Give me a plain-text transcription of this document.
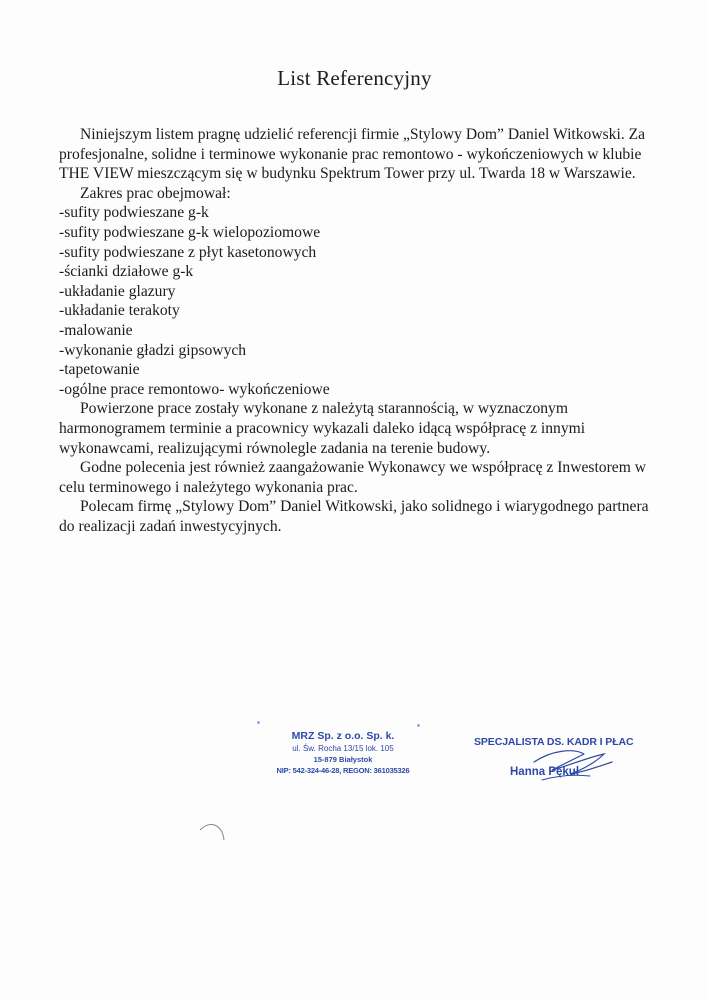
List Referencyjny

Niniejszym listem pragnę udzielić referencji firmie „Stylowy Dom” Daniel Witkowski. Za profesjonalne, solidne i terminowe wykonanie prac remontowo - wykończeniowych w klubie THE VIEW mieszczącym się w budynku Spektrum Tower przy ul. Twarda 18 w Warszawie.

Zakres prac obejmował:

-sufity podwieszane g-k

-sufity podwieszane g-k wielopoziomowe

-sufity podwieszane z płyt kasetonowych

-ścianki działowe g-k

-układanie glazury

-układanie terakoty

-malowanie

-wykonanie gładzi gipsowych

-tapetowanie

-ogólne prace remontowo- wykończeniowe

Powierzone prace zostały wykonane z należytą starannością, w wyznaczonym harmonogramem terminie a pracownicy wykazali daleko idącą współpracę z innymi wykonawcami, realizującymi równolegle zadania na terenie budowy.

Godne polecenia jest również zaangażowanie Wykonawcy we współpracę z Inwestorem w celu terminowego i należytego wykonania prac.

Polecam firmę „Stylowy Dom” Daniel Witkowski, jako solidnego i wiarygodnego partnera do realizacji zadań inwestycyjnych.

MRZ Sp. z o.o. Sp. k.
ul. Św. Rocha 13/15 lok. 105
15-879 Białystok
NIP: 542-324-46-28, REGON: 361035326
SPECJALISTA DS. KADR I PŁAC
Hanna Pękul
